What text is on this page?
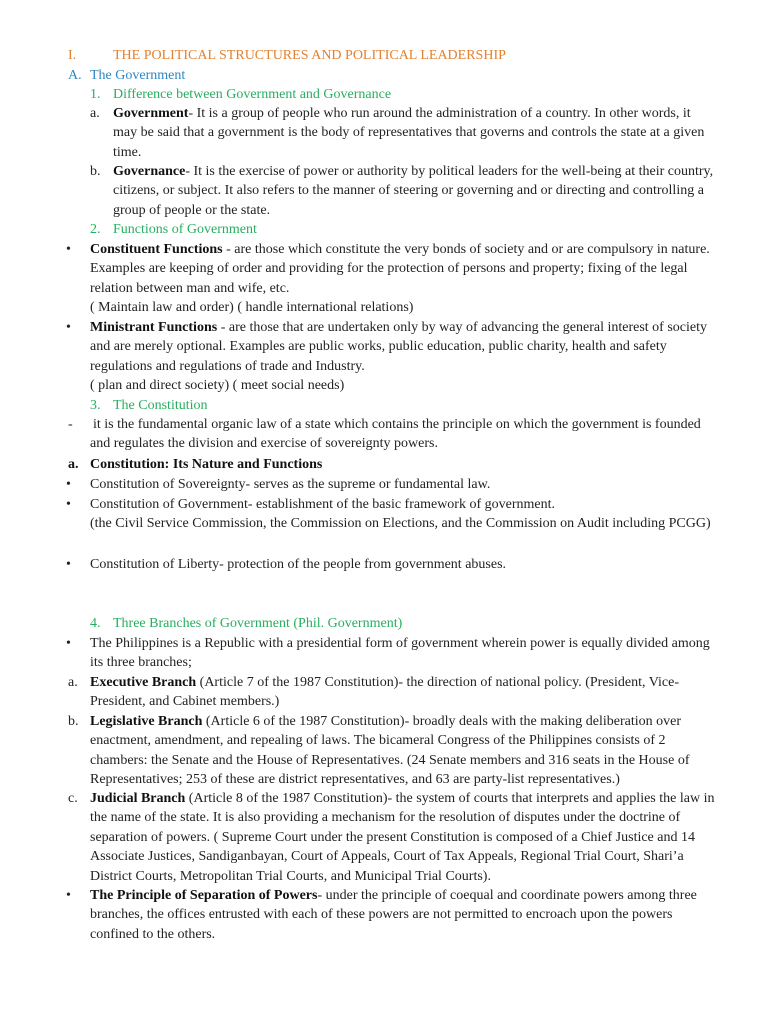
I.	THE POLITICAL STRUCTURES AND POLITICAL LEADERSHIP
A. The Government
1. Difference between Government and Governance
a. Government- It is a group of people who run around the administration of a country. In other words, it may be said that a government is the body of representatives that governs and controls the state at a given time.
b. Governance- It is the exercise of power or authority by political leaders for the well-being at their country, citizens, or subject. It also refers to the manner of steering or governing and or directing and controlling a group of people or the state.
2. Functions of Government
• Constituent Functions - are those which constitute the very bonds of society and or are compulsory in nature. Examples are keeping of order and providing for the protection of persons and property; fixing of the legal relation between man and wife, etc.
( Maintain law and order) ( handle international relations)
• Ministrant Functions - are those that are undertaken only by way of advancing the general interest of society and are merely optional. Examples are public works, public education, public charity, health and safety regulations and regulations of trade and Industry.
( plan and direct society) ( meet social needs)
3. The Constitution
- it is the fundamental organic law of a state which contains the principle on which the government is founded and regulates the division and exercise of sovereignty powers.
a. Constitution: Its Nature and Functions
• Constitution of Sovereignty- serves as the supreme or fundamental law.
• Constitution of Government- establishment of the basic framework of government.
(the Civil Service Commission, the Commission on Elections, and the Commission on Audit including PCGG)
• Constitution of Liberty- protection of the people from government abuses.
4. Three Branches of Government (Phil. Government)
• The Philippines is a Republic with a presidential form of government wherein power is equally divided among its three branches;
a. Executive Branch (Article 7 of the 1987 Constitution)- the direction of national policy. (President, Vice-President, and Cabinet members.)
b. Legislative Branch (Article 6 of the 1987 Constitution)- broadly deals with the making deliberation over enactment, amendment, and repealing of laws. The bicameral Congress of the Philippines consists of 2 chambers: the Senate and the House of Representatives. (24 Senate members and 316 seats in the House of Representatives; 253 of these are district representatives, and 63 are party-list representatives.)
c. Judicial Branch (Article 8 of the 1987 Constitution)- the system of courts that interprets and applies the law in the name of the state. It is also providing a mechanism for the resolution of disputes under the doctrine of separation of powers. ( Supreme Court under the present Constitution is composed of a Chief Justice and 14 Associate Justices, Sandiganbayan, Court of Appeals, Court of Tax Appeals, Regional Trial Court, Shari’a District Courts, Metropolitan Trial Courts, and Municipal Trial Courts).
• The Principle of Separation of Powers- under the principle of coequal and coordinate powers among three branches, the offices entrusted with each of these powers are not permitted to encroach upon the powers confined to the others.
